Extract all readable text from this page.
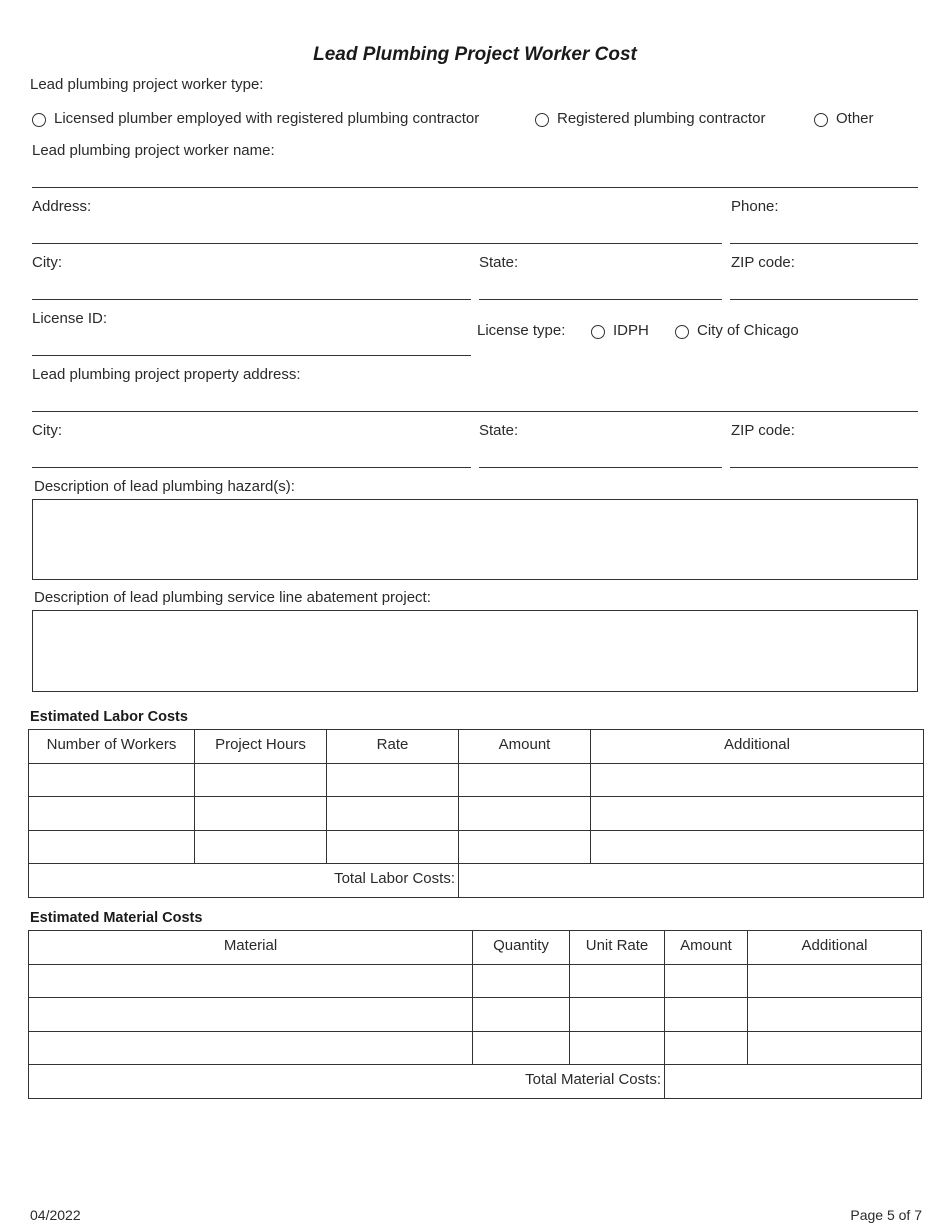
Lead Plumbing Project Worker Cost
Lead plumbing project worker type:
Licensed plumber employed with registered plumbing contractor	Registered plumbing contractor	Other
Lead plumbing project worker name:
Address:	Phone:
City:	State:	ZIP code:
License ID:
License type:	IDPH	City of Chicago
Lead plumbing project property address:
City:	State:	ZIP code:
Description of lead plumbing hazard(s):
Description of lead plumbing service line abatement project:
Estimated Labor Costs
Number of Workers	Project Hours	Rate	Amount	Additional
Total Labor Costs:
Estimated Material Costs
Material	Quantity	Unit Rate	Amount	Additional
Total Material Costs:
04/2022	Page 5 of 7
